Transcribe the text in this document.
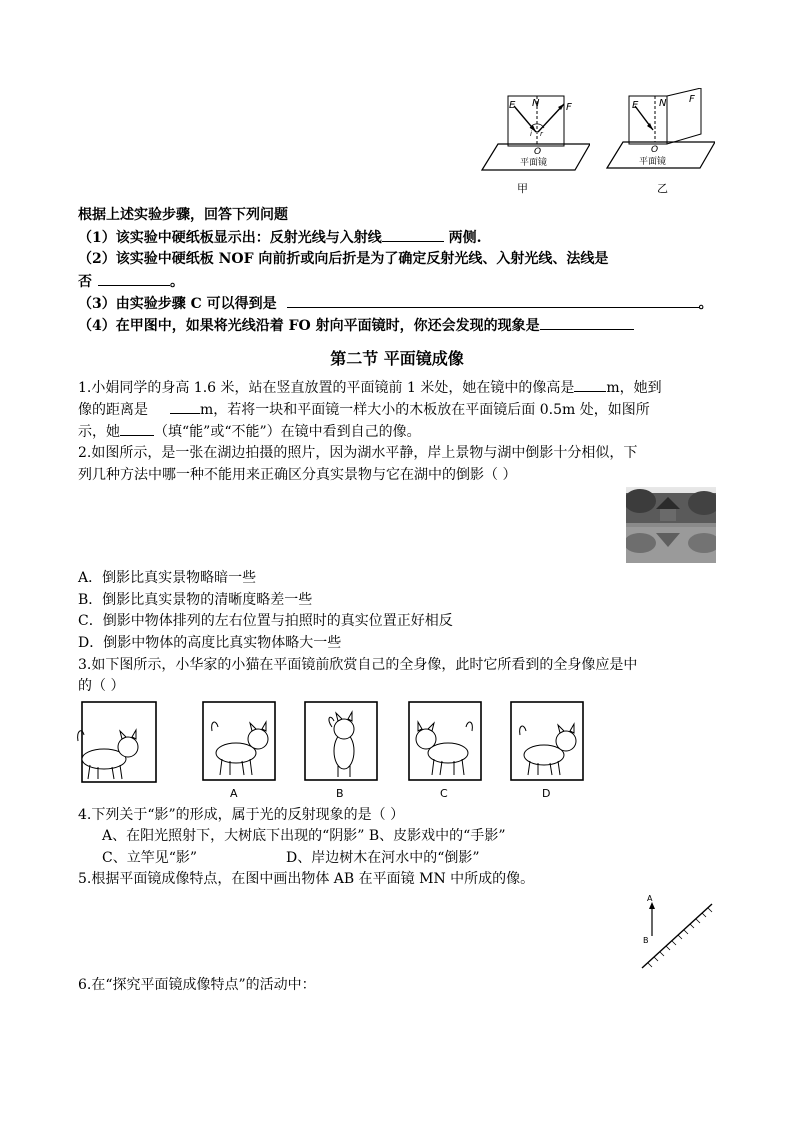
E N	F
O
i r
平面镜
甲
E N F
O
平面镜
乙
根据上述实验步骤，回答下列问题
（1）该实验中硬纸板显示出：反射光线与入射线	两侧.
（2）该实验中硬纸板 NOF 向前折或向后折是为了确定反射光线、入射光线、法线是
否	。
（3）由实验步骤 C 可以得到是	。
（4）在甲图中，如果将光线沿着 FO 射向平面镜时，你还会发现的现象是
第二节 平面镜成像
1.小娟同学的身高 1.6 米，站在竖直放置的平面镜前 1 米处，她在镜中的像高是 m，她到
像的距离是	m，若将一块和平面镜一样大小的木板放在平面镜后面 0.5m 处，如图所
示，她 （填“能”或“不能”）在镜中看到自己的像。
2.如图所示，是一张在湖边拍摄的照片，因为湖水平静，岸上景物与湖中倒影十分相似，下
列几种方法中哪一种不能用来正确区分真实景物与它在湖中的倒影（ ）
A．倒影比真实景物略暗一些
B．倒影比真实景物的清晰度略差一些
C．倒影中物体排列的左右位置与拍照时的真实位置正好相反
D．倒影中物体的高度比真实物体略大一些
3.如下图所示，小华家的小猫在平面镜前欣赏自己的全身像，此时它所看到的全身像应是中
的（ ）
A	B	C	D
4.下列关于“影”的形成，属于光的反射现象的是（ ）
A、在阳光照射下，大树底下出现的“阴影” B、皮影戏中的“手影”
C、立竿见“影”	D、岸边树木在河水中的“倒影”
5.根据平面镜成像特点，在图中画出物体 AB 在平面镜 MN 中所成的像。
A
B
6.在“探究平面镜成像特点”的活动中：
